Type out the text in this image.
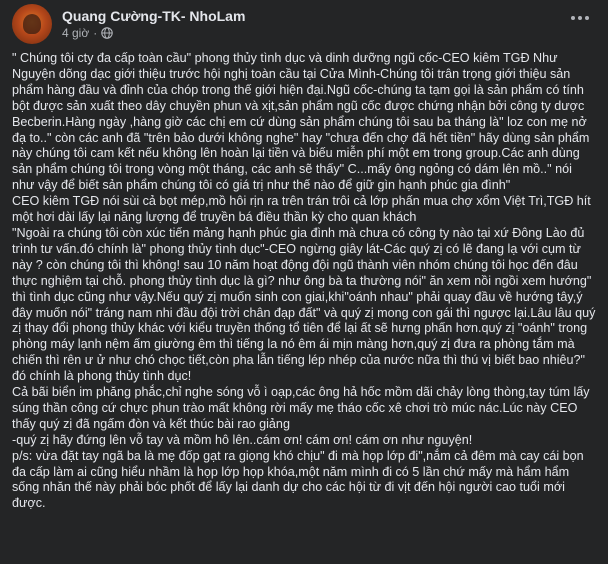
Quang Cường-TK- NhoLam
4 giờ ·

" Chúng tôi cty đa cấp toàn cầu" phong thủy tình dục và dinh dưỡng ngũ cốc-CEO kiêm TGĐ Như Nguyện dõng dạc giới thiệu trước hội nghị toàn cầu tại Cửa Mình-Chúng tôi trân trọng giới thiệu sản phẩm hàng đầu và đỉnh của chóp trong thế giới hiện đại.Ngũ cốc-chúng ta tạm gọi là sản phẩm có tính bột được sản xuất theo dây chuyền phun và xịt,sản phẩm ngũ cốc được chứng nhận bởi công ty dược Becberin.Hàng ngày ,hàng giờ các chị em cứ dùng sản phẩm chúng tôi sau ba tháng là" loz con mẹ nở đạ to.." còn các anh đã "trên bảo dưới không nghe" hay "chưa đến chợ đã hết tiền" hãy dùng sản phẩm này chúng tôi cam kết nếu không lên hoàn lại tiền và biếu miễn phí một em trong group.Các anh dùng sản phẩm chúng tôi trong vòng một tháng, các anh sẽ thấy" C...mấy ông ngỏng có dám lên mồ.." nói như vậy để biết sản phẩm chúng tôi có giá trị như thế nào để giữ gìn hạnh phúc gia đình"

CEO kiêm TGĐ nói sùi cả bọt mép,mồ hôi rịn ra trên trán trôi cả lớp phấn mua chợ xổm Việt Trì,TGĐ hít một hơi dài lấy lại năng lượng để truyền bá điều thần kỳ cho quan khách

"Ngoài ra chúng tôi còn xúc tiến mảng hạnh phúc gia đình mà chưa có công ty nào tại xứ Đông Lào đủ trình tư vấn.đó chính là" phong thủy tình dục"-CEO ngừng giây lát-Các quý zị có lẽ đang lạ với cụm từ này ? còn chúng tôi thì không! sau 10 năm hoạt động đội ngũ thành viên nhóm chúng tôi học đến đâu thực nghiệm tại chỗ. phong thủy tình dục là gì? như ông bà ta thường nói" ăn xem nồi ngồi xem hướng" thì tình dục cũng như vậy.Nếu quý zị muốn sinh con giai,khi"oánh nhau" phải quay đầu về hướng tây,ý đây muốn nói" tráng nam nhi đầu đội trời chân đạp đất" và quý zị mong con gái thì ngược lại.Lâu lâu quý zị thay đổi phong thủy khác với kiểu truyền thống tổ tiên để lại ất sẽ hưng phấn hơn.quý zị "oánh" trong phòng máy lạnh nệm ấm giường êm thì tiếng la nó êm ái mịn màng hơn,quý zị đưa ra phòng tắm mà chiến thì rên ư ử như chó chọc tiết,còn pha lẫn tiếng lép nhép của nước nữa thì thú vị biết bao nhiêu?" đó chính là phong thủy tình dục!

Cả bãi biển im phăng phắc,chỉ nghe sóng vỗ ì oạp,các ông hả hốc mồm dãi chảy lòng thòng,tay túm lấy súng thần công cứ chực phun trào mất không rời mấy mẹ tháo cốc xê chơi trò múc nác.Lúc này CEO thấy quý zị đã ngấm đòn và kết thúc bài rao giảng

-quý zị hãy đứng lên vỗ tay và mồm hô lên..cám ơn! cám ơn! cám ơn như nguyện!

p/s: vừa đặt tay ngã ba là mẹ đốp gạt ra giọng khó chịu" đi mà họp lớp đi",nắm cả đêm mà cay cái bọn đa cấp làm ai cũng hiểu nhầm là họp lớp họp khóa,một năm mình đi có 5 lần chứ mấy mà hẩm hẩm sống nhăn thế này phải bóc phốt để lấy lại danh dự cho các hội từ đi vịt đến hội người cao tuổi mới được.
